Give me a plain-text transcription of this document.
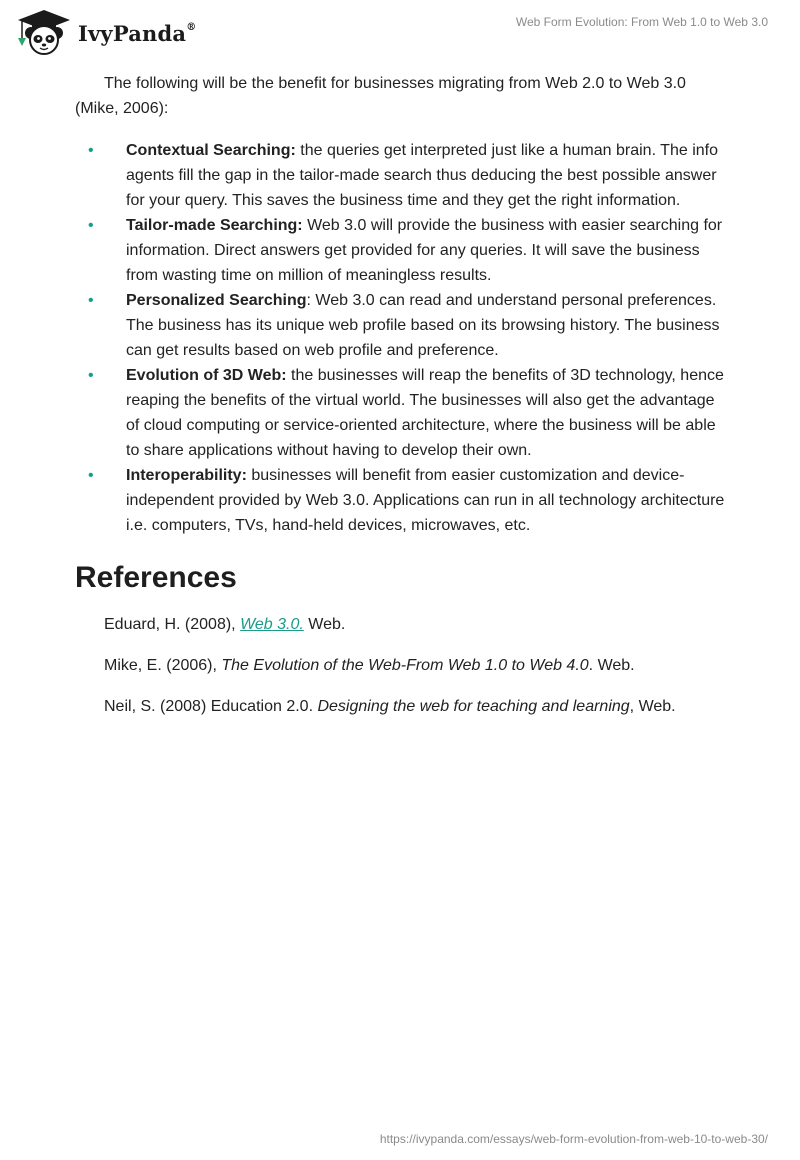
IvyPanda®	Web Form Evolution: From Web 1.0 to Web 3.0

The following will be the benefit for businesses migrating from Web 2.0 to Web 3.0 (Mike, 2006):

• Contextual Searching: the queries get interpreted just like a human brain. The info agents fill the gap in the tailor-made search thus deducing the best possible answer for your query. This saves the business time and they get the right information.
• Tailor-made Searching: Web 3.0 will provide the business with easier searching for information. Direct answers get provided for any queries. It will save the business from wasting time on million of meaningless results.
• Personalized Searching: Web 3.0 can read and understand personal preferences. The business has its unique web profile based on its browsing history. The business can get results based on web profile and preference.
• Evolution of 3D Web: the businesses will reap the benefits of 3D technology, hence reaping the benefits of the virtual world. The businesses will also get the advantage of cloud computing or service-oriented architecture, where the business will be able to share applications without having to develop their own.
• Interoperability: businesses will benefit from easier customization and device-independent provided by Web 3.0. Applications can run in all technology architecture i.e. computers, TVs, hand-held devices, microwaves, etc.
References
Eduard, H. (2008), Web 3.0. Web.
Mike, E. (2006), The Evolution of the Web-From Web 1.0 to Web 4.0. Web.
Neil, S. (2008) Education 2.0. Designing the web for teaching and learning, Web.
https://ivypanda.com/essays/web-form-evolution-from-web-10-to-web-30/
